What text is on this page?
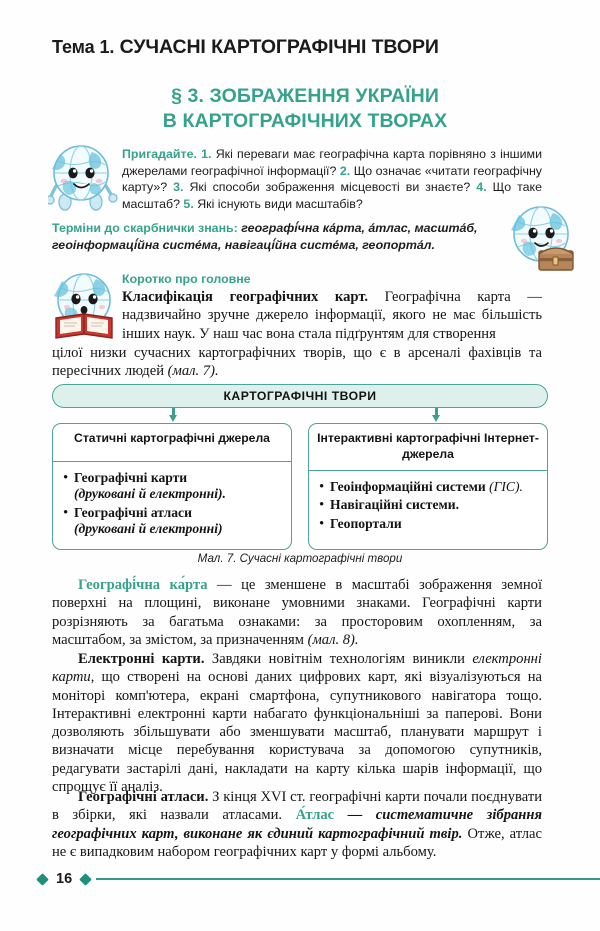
Тема 1. СУЧАСНІ КАРТОГРАФІЧНІ ТВОРИ
§ 3. ЗОБРАЖЕННЯ УКРАЇНИ
В КАРТОГРАФІЧНИХ ТВОРАХ
Пригадайте. 1. Які переваги має географічна карта порівняно з іншими джерелами географічної інформації? 2. Що означає «читати географічну карту»? 3. Які способи зображення місцевості ви знаєте? 4. Що таке масштаб? 5. Які існують види масштабів?
Терміни до скарбнички знань: географі́чна ка́рта, а́тлас, масшта́б, геоінформаці́йна систе́ма, навігаці́йна систе́ма, геопорта́л.
Коротко про головне
Класифікація географічних карт. Географічна карта — надзвичайно зручне джерело інформації, якого не має більшість інших наук. У наш час вона стала підґрунтям для створення
цілої низки сучасних картографічних творів, що є в арсеналі фахівців та пересічних людей (мал. 7).
КАРТОГРАФІЧНІ ТВОРИ
Статичні картографічні джерела
• Географічні карти
(друковані й електронні).
• Географічні атласи
(друковані й електронні)
Інтерактивні картографічні Інтернет-джерела
• Геоінформаційні системи (ГІС).
• Навігаційні системи.
• Геопортали
Мал. 7. Сучасні картографічні твори
Географі́чна ка́рта — це зменшене в масштабі зображення земної поверхні на площині, виконане умовними знаками. Географічні карти розрізняють за багатьма ознаками: за просторовим охопленням, за масштабом, за змістом, за призначенням (мал. 8).
Електронні карти. Завдяки новітнім технологіям виникли електронні карти, що створені на основі даних цифрових карт, які візуалізуються на моніторі комп'ютера, екрані смартфона, супутникового навігатора тощо. Інтерактивні електронні карти набагато функціональніші за паперові. Вони дозволяють збільшувати або зменшувати масштаб, планувати маршрут і визначати місце перебування користувача за допомогою супутників, редагувати застарілі дані, накладати на карту кілька шарів інформації, що спрощує її аналіз.
Географічні атласи. З кінця XVI ст. географічні карти почали поєднувати в збірки, які назвали атласами. А́тлас — систематичне зібрання географічних карт, виконане як єдиний картографічний твір. Отже, атлас не є випадковим набором географічних карт у формі альбому.
16
